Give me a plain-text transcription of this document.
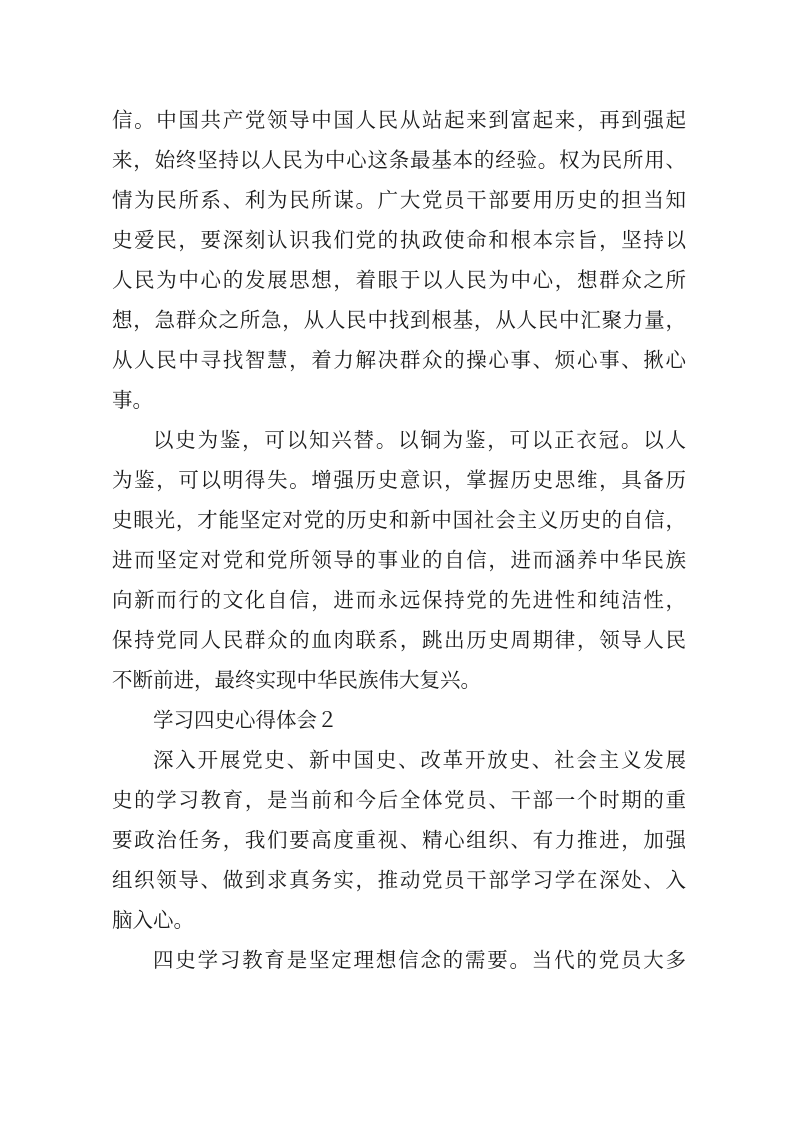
信。中国共产党领导中国人民从站起来到富起来，再到强起
来，始终坚持以人民为中心这条最基本的经验。权为民所用、
情为民所系、利为民所谋。广大党员干部要用历史的担当知
史爱民，要深刻认识我们党的执政使命和根本宗旨，坚持以
人民为中心的发展思想，着眼于以人民为中心，想群众之所
想，急群众之所急，从人民中找到根基，从人民中汇聚力量，
从人民中寻找智慧，着力解决群众的操心事、烦心事、揪心
事。
以史为鉴，可以知兴替。以铜为鉴，可以正衣冠。以人
为鉴，可以明得失。增强历史意识，掌握历史思维，具备历
史眼光，才能坚定对党的历史和新中国社会主义历史的自信，
进而坚定对党和党所领导的事业的自信，进而涵养中华民族
向新而行的文化自信，进而永远保持党的先进性和纯洁性，
保持党同人民群众的血肉联系，跳出历史周期律，领导人民
不断前进，最终实现中华民族伟大复兴。
学习四史心得体会２
深入开展党史、新中国史、改革开放史、社会主义发展
史的学习教育，是当前和今后全体党员、干部一个时期的重
要政治任务，我们要高度重视、精心组织、有力推进，加强
组织领导、做到求真务实，推动党员干部学习学在深处、入
脑入心。
四史学习教育是坚定理想信念的需要。当代的党员大多
